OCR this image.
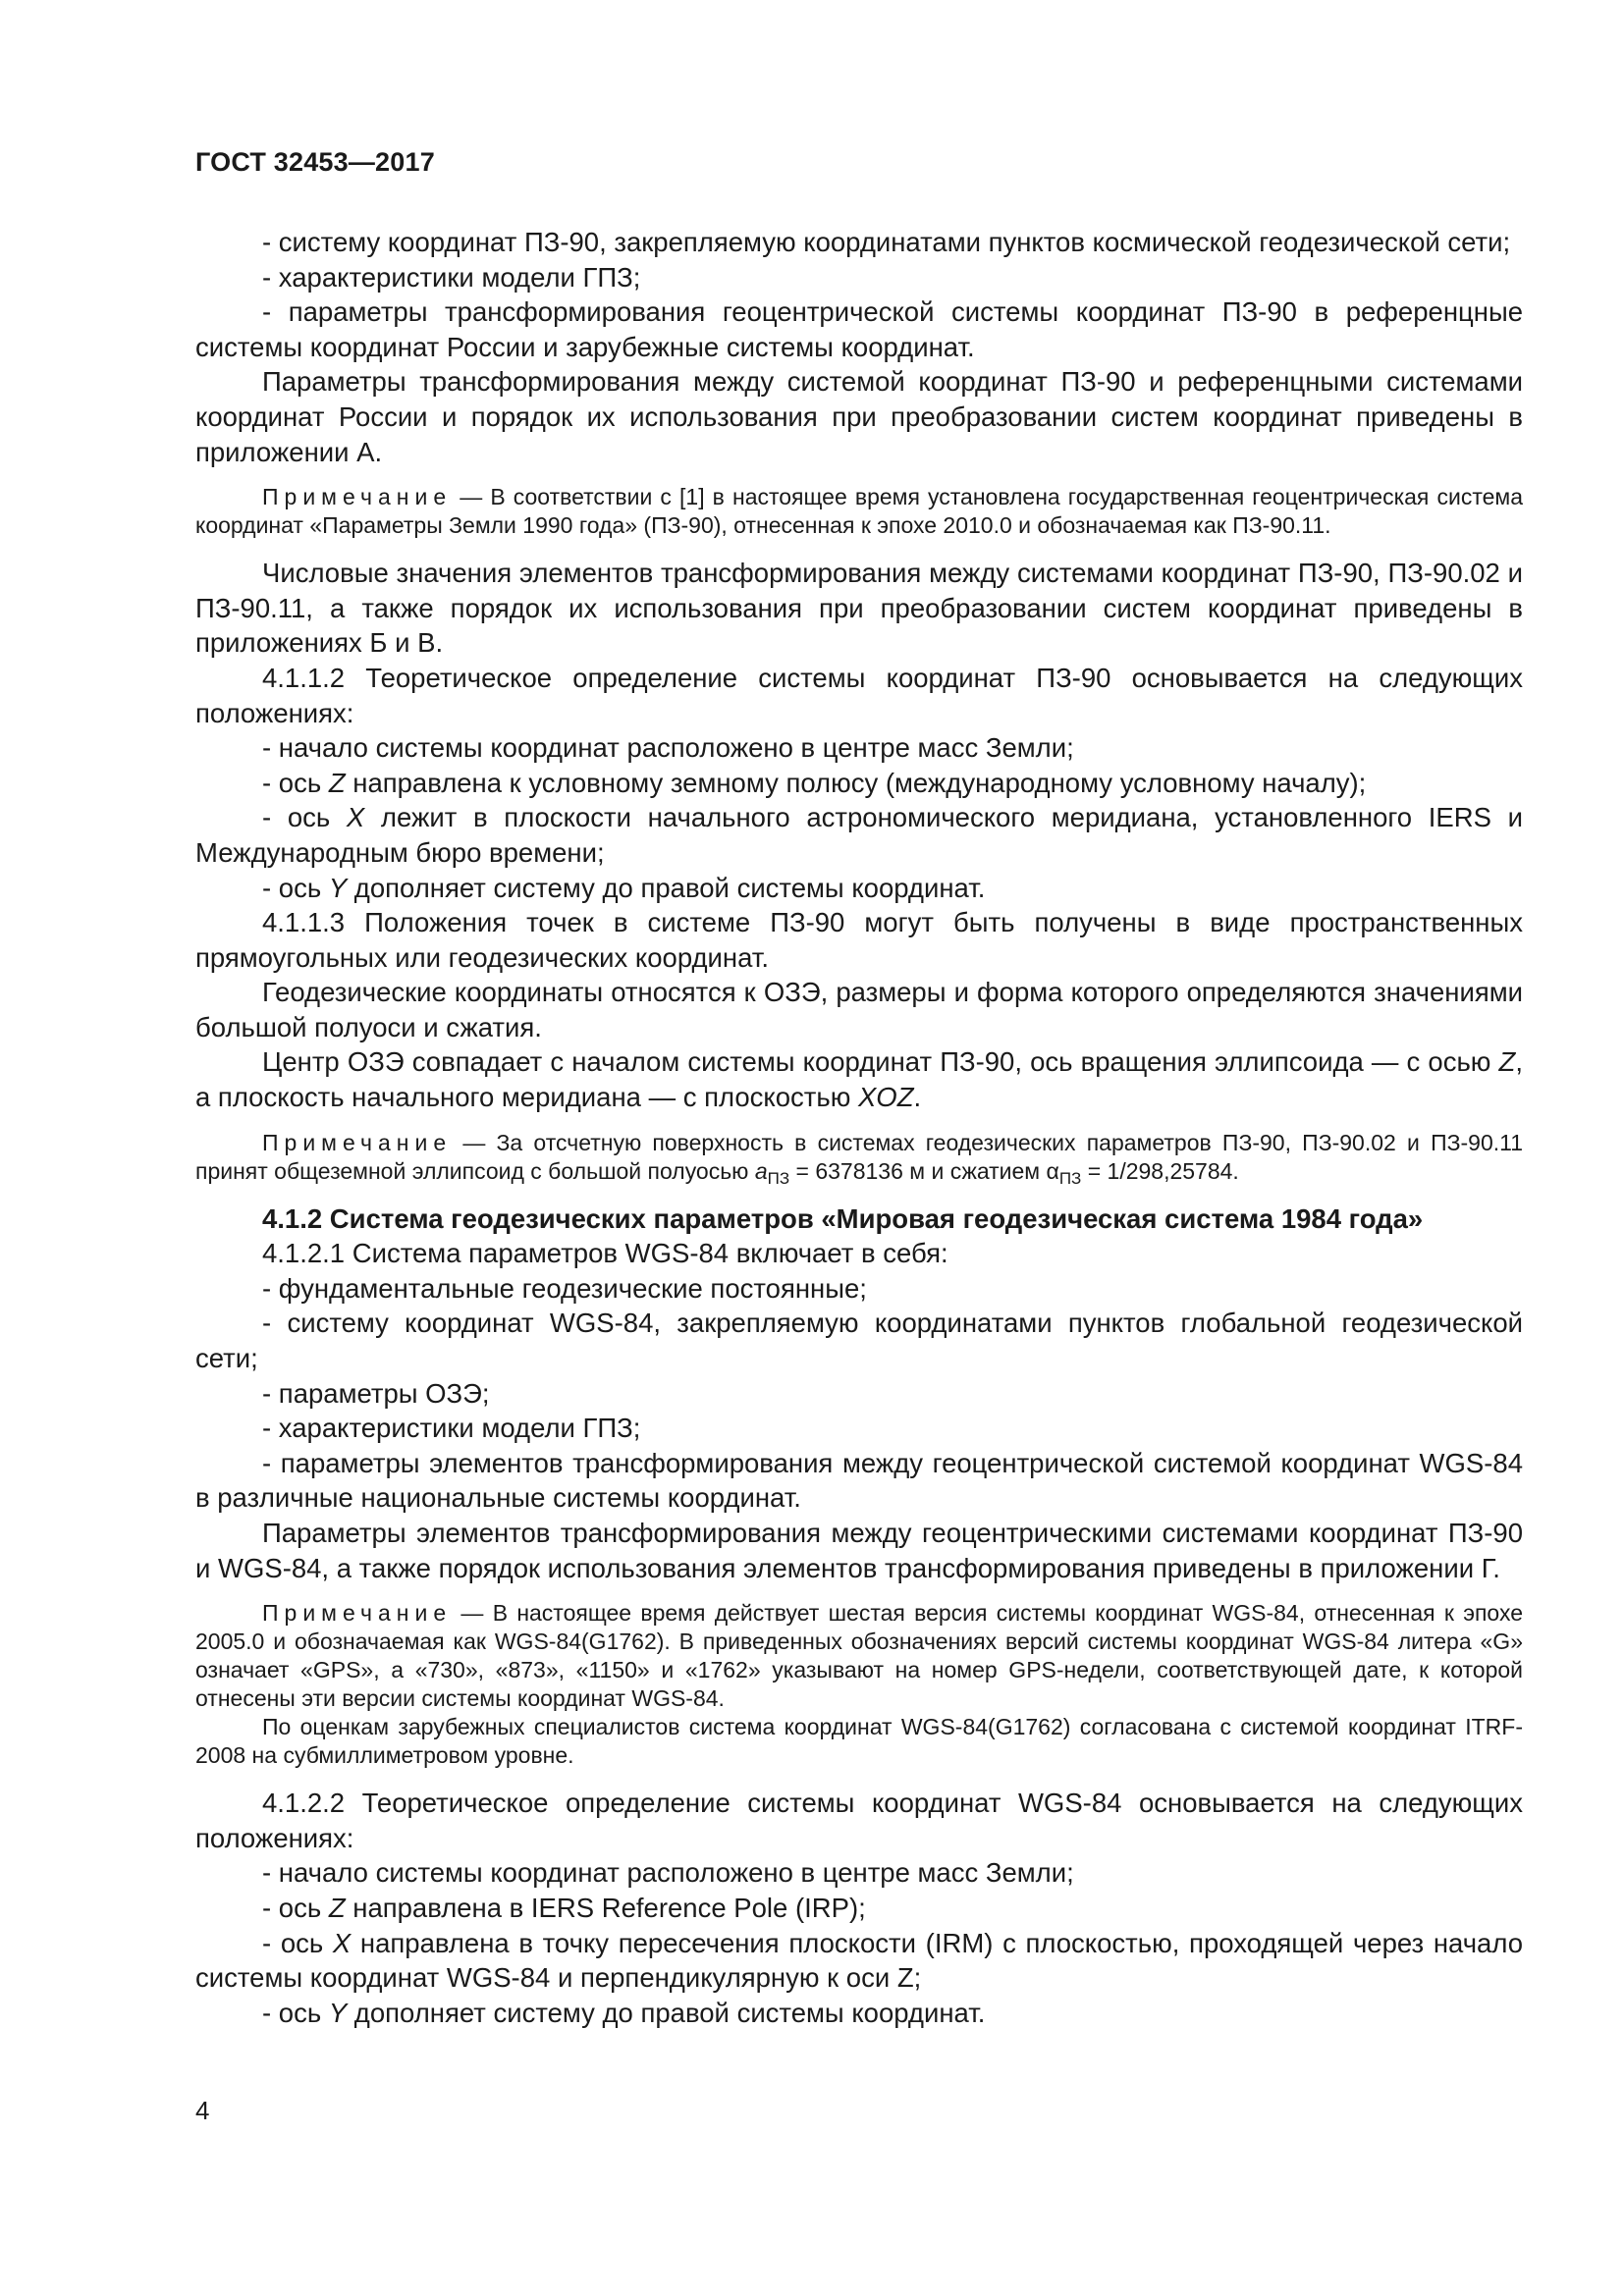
ГОСТ 32453—2017

- систему координат ПЗ-90, закрепляемую координатами пунктов космической геодезической сети;

- характеристики модели ГПЗ;

- параметры трансформирования геоцентрической системы координат ПЗ-90 в референцные системы координат России и зарубежные системы координат.

Параметры трансформирования между системой координат ПЗ-90 и референцными системами координат России и порядок их использования при преобразовании систем координат приведены в приложении А.

Примечание — В соответствии с [1] в настоящее время установлена государственная геоцентрическая система координат «Параметры Земли 1990 года» (ПЗ-90), отнесенная к эпохе 2010.0 и обозначаемая как ПЗ-90.11.

Числовые значения элементов трансформирования между системами координат ПЗ-90, ПЗ-90.02 и ПЗ-90.11, а также порядок их использования при преобразовании систем координат приведены в приложениях Б и В.

4.1.1.2 Теоретическое определение системы координат ПЗ-90 основывается на следующих положениях:

- начало системы координат расположено в центре масс Земли;

- ось Z направлена к условному земному полюсу (международному условному началу);

- ось X лежит в плоскости начального астрономического меридиана, установленного IERS и Международным бюро времени;

- ось Y дополняет систему до правой системы координат.

4.1.1.3 Положения точек в системе ПЗ-90 могут быть получены в виде пространственных прямоугольных или геодезических координат.

Геодезические координаты относятся к ОЗЭ, размеры и форма которого определяются значениями большой полуоси и сжатия.

Центр ОЗЭ совпадает с началом системы координат ПЗ-90, ось вращения эллипсоида — с осью Z, а плоскость начального меридиана — с плоскостью XOZ.

Примечание — За отсчетную поверхность в системах геодезических параметров ПЗ-90, ПЗ-90.02 и ПЗ-90.11 принят общеземной эллипсоид с большой полуосью $a_{ПЗ} = 6378136$ м и сжатием $\alpha_{ПЗ} = 1/298,25784$.

4.1.2 Система геодезических параметров «Мировая геодезическая система 1984 года»

4.1.2.1 Система параметров WGS-84 включает в себя:

- фундаментальные геодезические постоянные;

- систему координат WGS-84, закрепляемую координатами пунктов глобальной геодезической сети;

- параметры ОЗЭ;

- характеристики модели ГПЗ;

- параметры элементов трансформирования между геоцентрической системой координат WGS-84 в различные национальные системы координат.

Параметры элементов трансформирования между геоцентрическими системами координат ПЗ-90 и WGS-84, а также порядок использования элементов трансформирования приведены в приложении Г.

Примечание — В настоящее время действует шестая версия системы координат WGS-84, отнесенная к эпохе 2005.0 и обозначаемая как WGS-84(G1762). В приведенных обозначениях версий системы координат WGS-84 литера «G» означает «GPS», а «730», «873», «1150» и «1762» указывают на номер GPS-недели, соответствующей дате, к которой отнесены эти версии системы координат WGS-84.

По оценкам зарубежных специалистов система координат WGS-84(G1762) согласована с системой координат ITRF-2008 на субмиллиметровом уровне.

4.1.2.2 Теоретическое определение системы координат WGS-84 основывается на следующих положениях:

- начало системы координат расположено в центре масс Земли;

- ось Z направлена в IERS Reference Pole (IRP);

- ось X направлена в точку пересечения плоскости (IRM) с плоскостью, проходящей через начало системы координат WGS-84 и перпендикулярную к оси Z;

- ось Y дополняет систему до правой системы координат.

4
